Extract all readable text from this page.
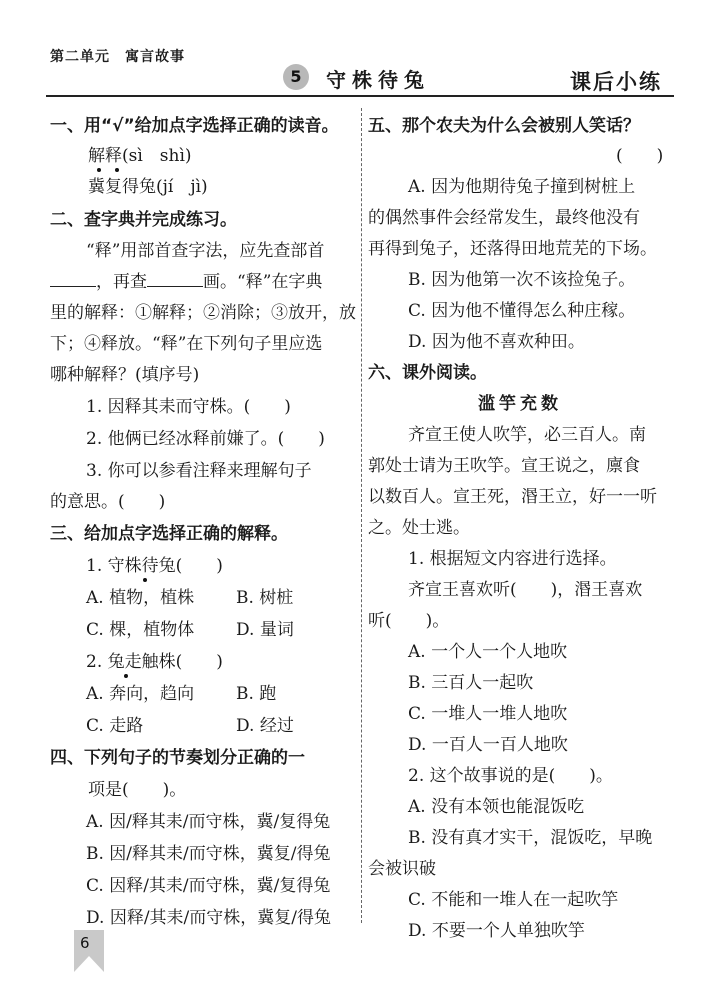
第二单元　寓言故事
5	守株待兔	课后小练
一、用“√”给加点字选择正确的读音。
解释(sì　shì)
冀复得兔(jí　jì)
二、查字典并完成练习。
“释”用部首查字法，应先查部首
，再查	画。“释”在字典
里的解释：①解释；②消除；③放开，放
下；④释放。“释”在下列句子里应选
哪种解释？(填序号)
1. 因释其耒而守株。(　　)
2. 他俩已经冰释前嫌了。(　　)
3. 你可以参看注释来理解句子
的意思。(　　)
三、给加点字选择正确的解释。
1. 守株待兔(　　)
A. 植物，植株 B. 树桩
C. 棵，植物体 D. 量词
2. 兔走触株(　　)
A. 奔向，趋向 B. 跑
C. 走路	D. 经过
四、下列句子的节奏划分正确的一
项是(　　)。
A. 因/释其耒/而守株，冀/复得兔
B. 因/释其耒/而守株，冀复/得兔
C. 因释/其耒/而守株，冀/复得兔
D. 因释/其耒/而守株，冀复/得兔
五、那个农夫为什么会被别人笑话？
(　　)
A. 因为他期待兔子撞到树桩上
的偶然事件会经常发生，最终他没有
再得到兔子，还落得田地荒芜的下场。
B. 因为他第一次不该捡兔子。
C. 因为他不懂得怎么种庄稼。
D. 因为他不喜欢种田。
六、课外阅读。
滥竽充数
齐宣王使人吹竽，必三百人。南
郭处士请为王吹竽。宣王说之，廪食
以数百人。宣王死，湣王立，好一一听
之。处士逃。
1. 根据短文内容进行选择。
齐宣王喜欢听(　　)，湣王喜欢
听(　　)。
A. 一个人一个人地吹
B. 三百人一起吹
C. 一堆人一堆人地吹
D. 一百人一百人地吹
2. 这个故事说的是(　　)。
A. 没有本领也能混饭吃
B. 没有真才实干，混饭吃，早晚
会被识破
C. 不能和一堆人在一起吹竽
D. 不要一个人单独吹竽
6
